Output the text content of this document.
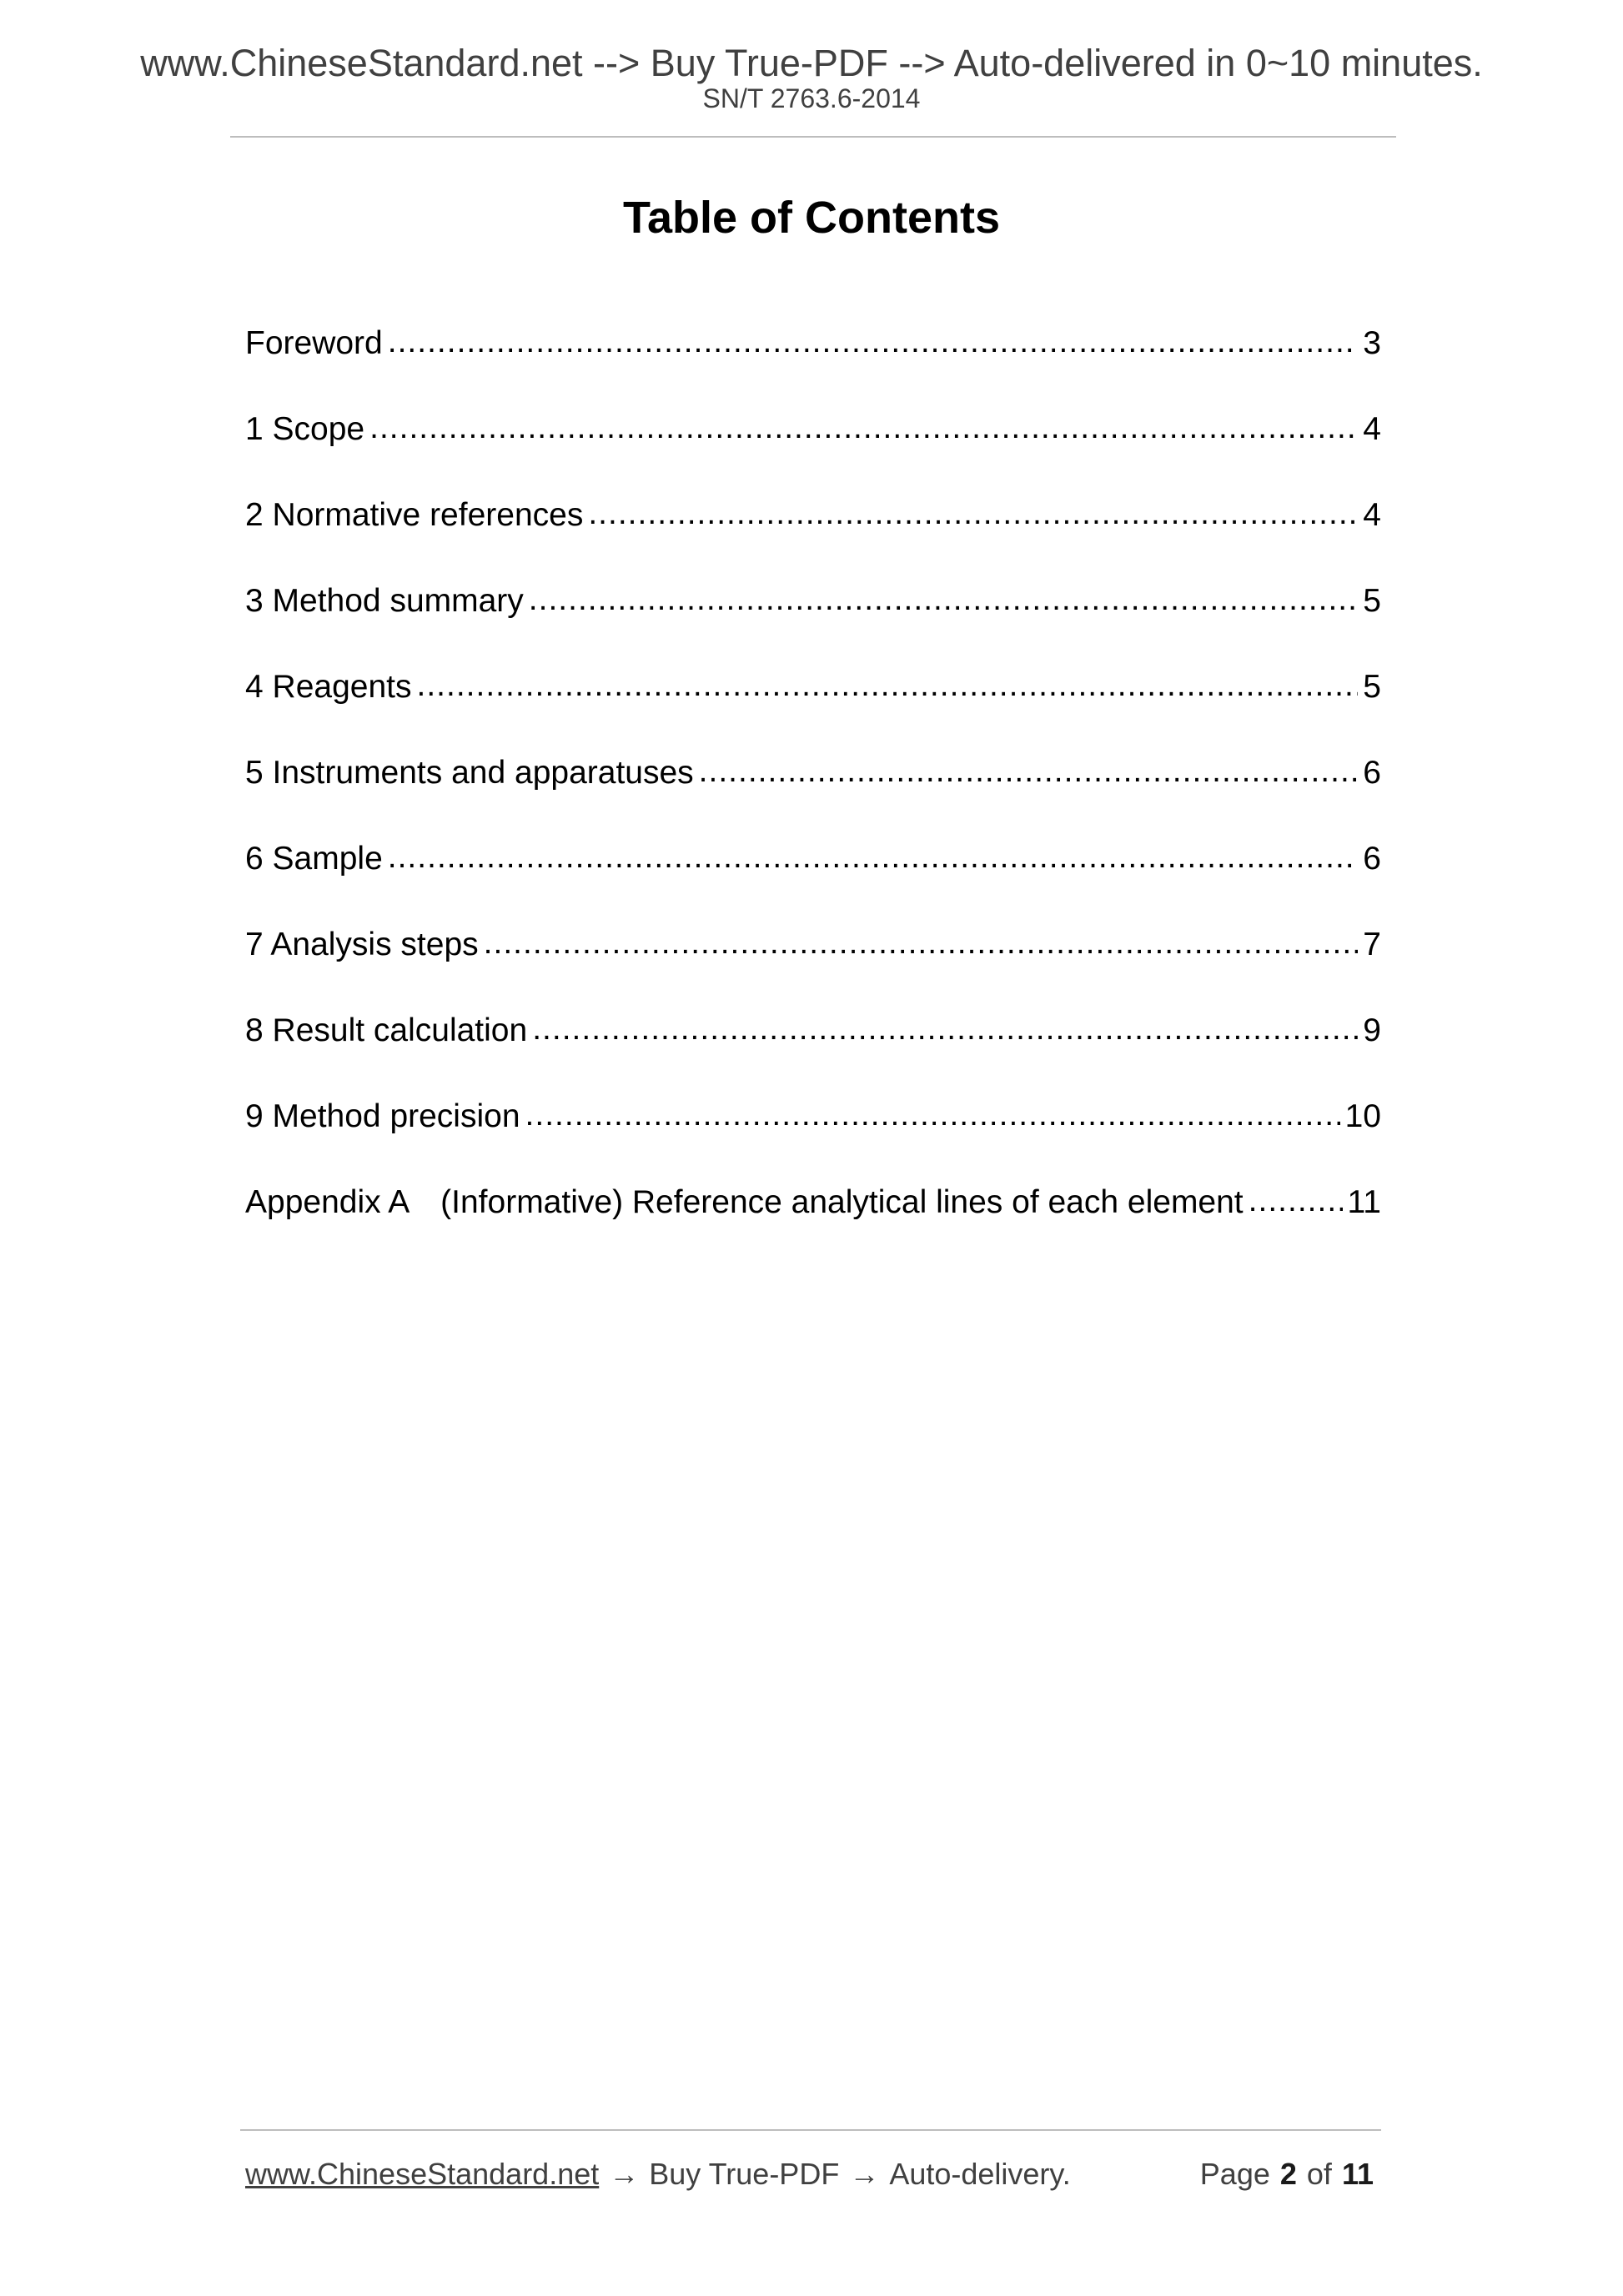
www.ChineseStandard.net --> Buy True-PDF --> Auto-delivered in 0~10 minutes.
SN/T 2763.6-2014
Table of Contents
Foreword .....	3
1 Scope .....	4
2 Normative references .....	4
3 Method summary .....	5
4 Reagents .....	5
5 Instruments and apparatuses .....	6
6 Sample .....	6
7 Analysis steps .....	7
8 Result calculation .....	9
9 Method precision .....	10
Appendix A　(Informative) Reference analytical lines of each element .....	11
www.ChineseStandard.net → Buy True-PDF → Auto-delivery.	Page 2 of 11
